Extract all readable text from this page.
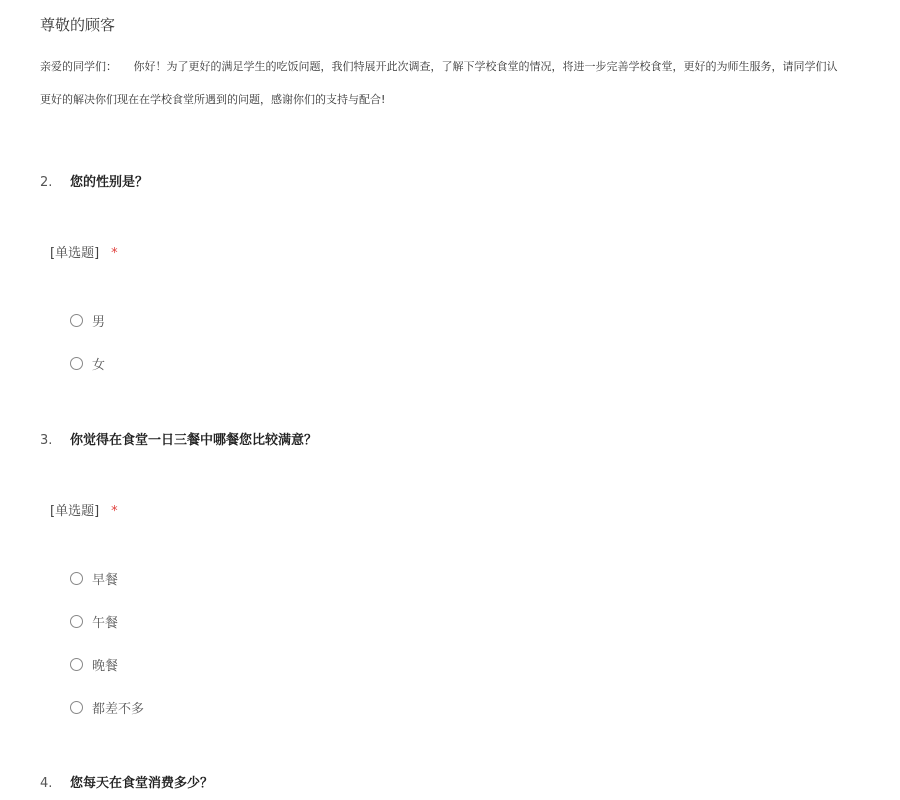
尊敬的顾客
亲爱的同学们：　　你好！为了更好的满足学生的吃饭问题，我们特展开此次调查，了解下学校食堂的情况，将进一步完善学校食堂，更好的为师生服务，请同学们认
更好的解决你们现在在学校食堂所遇到的问题，感谢你们的支持与配合!
2.	您的性别是？
[单选题] *
男
女
3.	你觉得在食堂一日三餐中哪餐您比较满意？
[单选题] *
早餐
午餐
晚餐
都差不多
4.	您每天在食堂消费多少？
